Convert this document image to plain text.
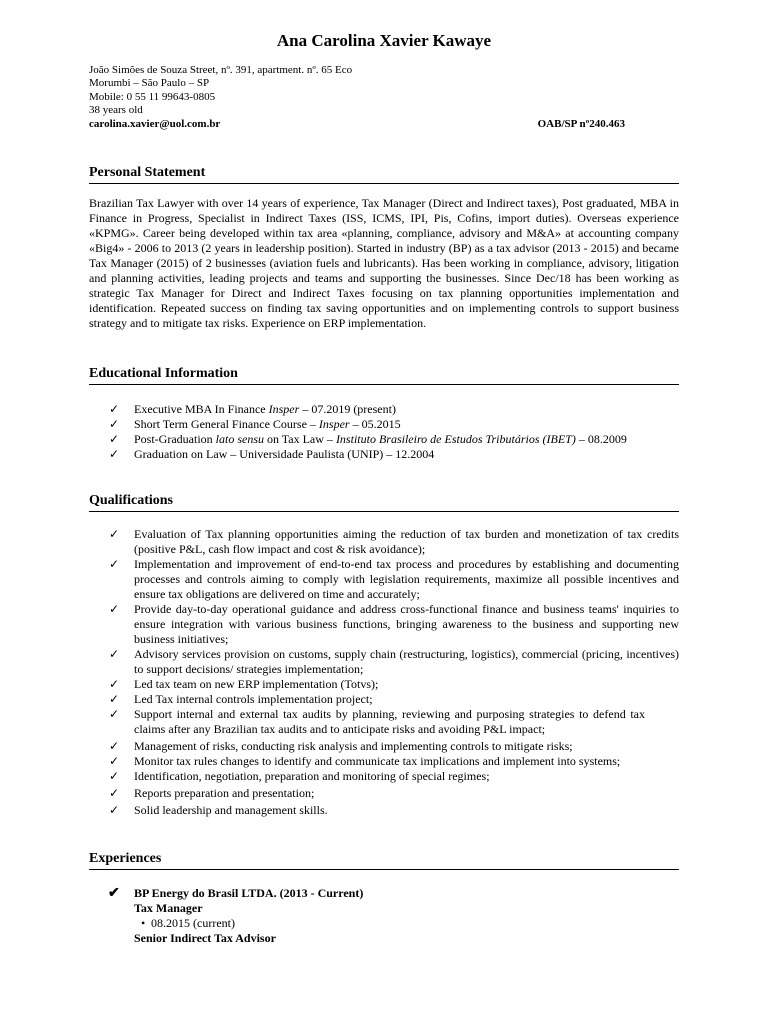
Ana Carolina Xavier Kawaye
João Simões de Souza Street, nº. 391, apartment. nº. 65 Eco
Morumbi – São Paulo – SP
Mobile: 0 55 11 99643-0805
38 years old
carolina.xavier@uol.com.br	OAB/SP nº240.463
Personal Statement
Brazilian Tax Lawyer with over 14 years of experience, Tax Manager (Direct and Indirect taxes), Post graduated, MBA in Finance in Progress, Specialist in Indirect Taxes (ISS, ICMS, IPI, Pis, Cofins, import duties). Overseas experience «KPMG». Career being developed within tax area «planning, compliance, advisory and M&A» at accounting company «Big4» - 2006 to 2013 (2 years in leadership position). Started in industry (BP) as a tax advisor (2013 - 2015) and became Tax Manager (2015) of 2 businesses (aviation fuels and lubricants). Has been working in compliance, advisory, litigation and planning activities, leading projects and teams and supporting the businesses. Since Dec/18 has been working as strategic Tax Manager for Direct and Indirect Taxes focusing on tax planning opportunities implementation and identification. Repeated success on finding tax saving opportunities and on implementing controls to support business strategy and to mitigate tax risks. Experience on ERP implementation.
Educational Information
✓ Executive MBA In Finance Insper – 07.2019 (present)
✓ Short Term General Finance Course – Insper – 05.2015
✓ Post-Graduation lato sensu on Tax Law – Instituto Brasileiro de Estudos Tributários (IBET) – 08.2009
✓ Graduation on Law – Universidade Paulista (UNIP) – 12.2004
Qualifications
✓ Evaluation of Tax planning opportunities aiming the reduction of tax burden and monetization of tax credits (positive P&L, cash flow impact and cost & risk avoidance);
✓ Implementation and improvement of end-to-end tax process and procedures by establishing and documenting processes and controls aiming to comply with legislation requirements, maximize all possible incentives and ensure tax obligations are delivered on time and accurately;
✓ Provide day-to-day operational guidance and address cross-functional finance and business teams' inquiries to ensure integration with various business functions, bringing awareness to the business and supporting new business initiatives;
✓ Advisory services provision on customs, supply chain (restructuring, logistics), commercial (pricing, incentives) to support decisions/ strategies implementation;
✓ Led tax team on new ERP implementation (Totvs);
✓ Led Tax internal controls implementation project;
✓ Support internal and external tax audits by planning, reviewing and purposing strategies to defend tax claims after any Brazilian tax audits and to anticipate risks and avoiding P&L impact;
✓ Management of risks, conducting risk analysis and implementing controls to mitigate risks;
✓ Monitor tax rules changes to identify and communicate tax implications and implement into systems;
✓ Identification, negotiation, preparation and monitoring of special regimes;
✓ Reports preparation and presentation;
✓ Solid leadership and management skills.
Experiences
✔ BP Energy do Brasil LTDA. (2013 - Current)
Tax Manager
• 08.2015 (current)
Senior Indirect Tax Advisor
